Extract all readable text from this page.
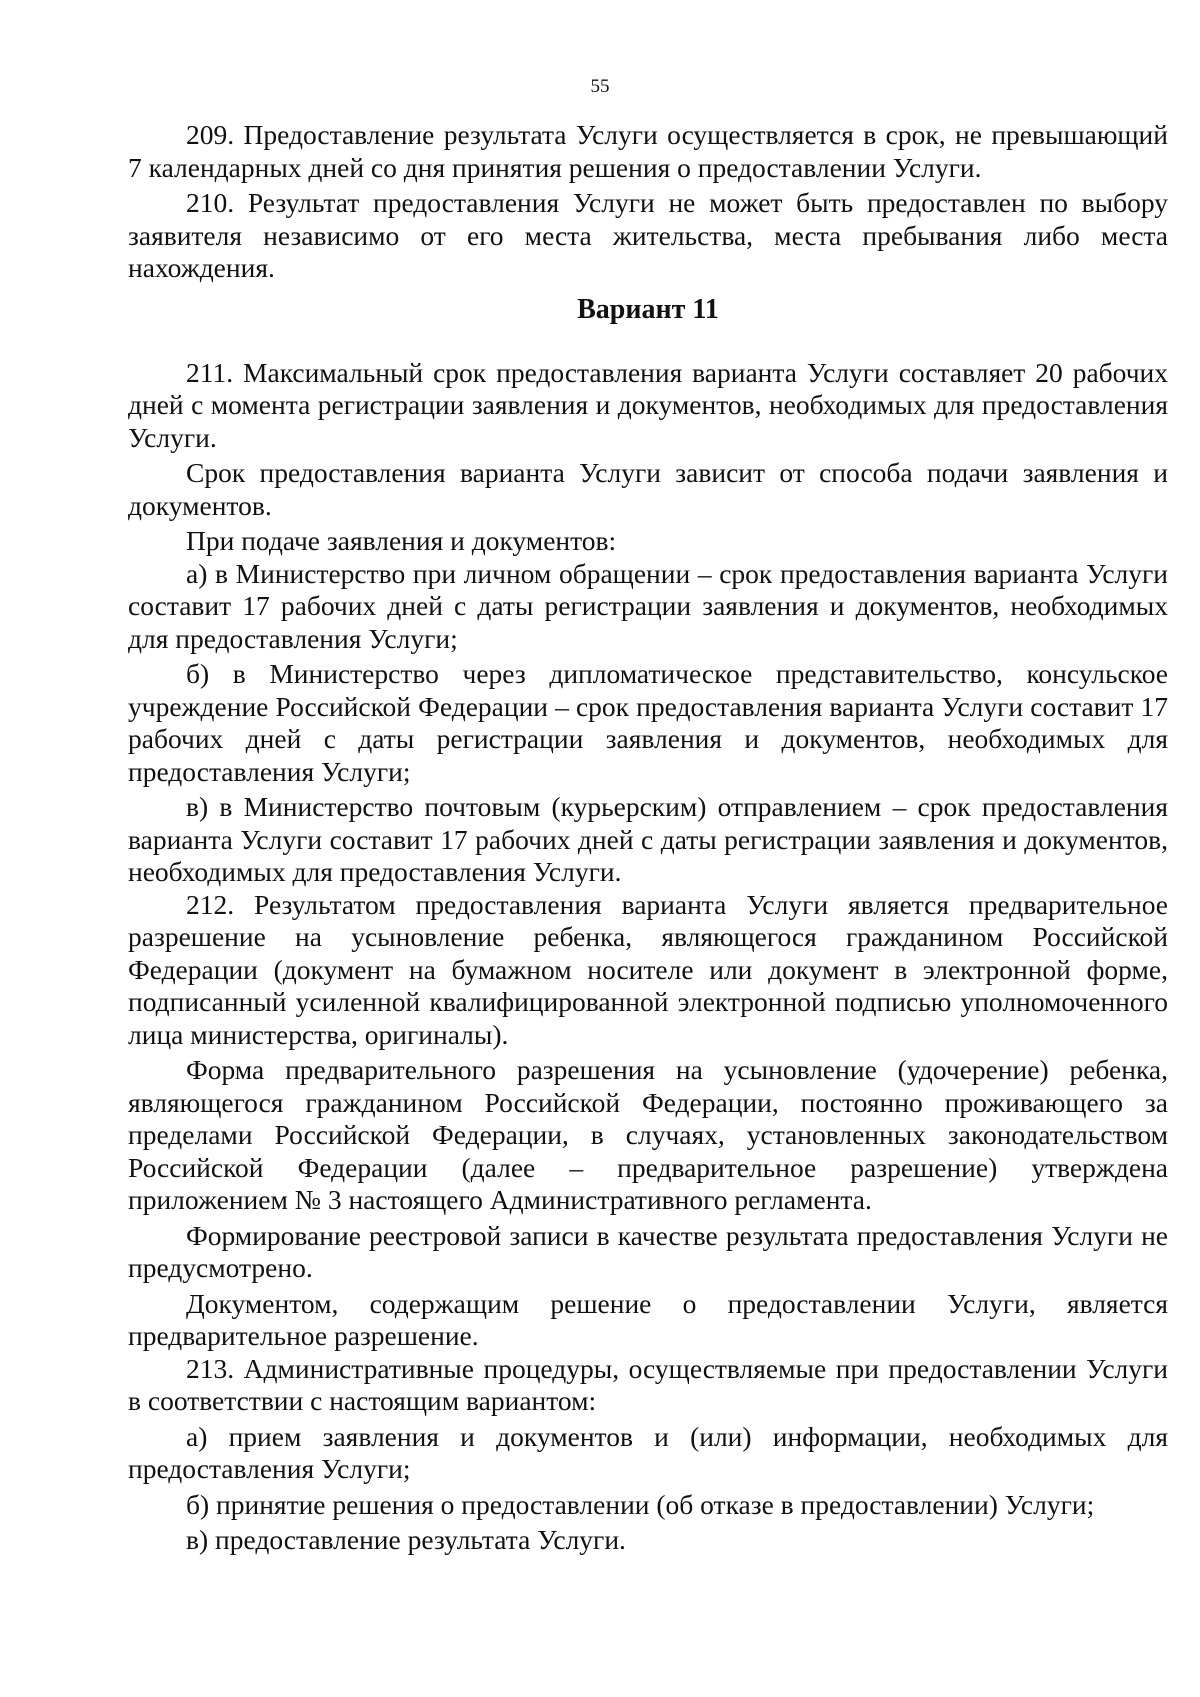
55

209. Предоставление результата Услуги осуществляется в срок, не превышающий 7 календарных дней со дня принятия решения о предоставлении Услуги.

210. Результат предоставления Услуги не может быть предоставлен по выбору заявителя независимо от его места жительства, места пребывания либо места нахождения.

Вариант 11

211. Максимальный срок предоставления варианта Услуги составляет 20 рабочих дней с момента регистрации заявления и документов, необходимых для предоставления Услуги.

Срок предоставления варианта Услуги зависит от способа подачи заявления и документов.

При подаче заявления и документов:

а) в Министерство при личном обращении – срок предоставления варианта Услуги составит 17 рабочих дней с даты регистрации заявления и документов, необходимых для предоставления Услуги;

б) в Министерство через дипломатическое представительство, консульское учреждение Российской Федерации – срок предоставления варианта Услуги составит 17 рабочих дней с даты регистрации заявления и документов, необходимых для предоставления Услуги;

в) в Министерство почтовым (курьерским) отправлением – срок предоставления варианта Услуги составит 17 рабочих дней с даты регистрации заявления и документов, необходимых для предоставления Услуги.

212. Результатом предоставления варианта Услуги является предварительное разрешение на усыновление ребенка, являющегося гражданином Российской Федерации (документ на бумажном носителе или документ в электронной форме, подписанный усиленной квалифицированной электронной подписью уполномоченного лица министерства, оригиналы).

Форма предварительного разрешения на усыновление (удочерение) ребенка, являющегося гражданином Российской Федерации, постоянно проживающего за пределами Российской Федерации, в случаях, установленных законодательством Российской Федерации (далее – предварительное разрешение) утверждена приложением № 3 настоящего Административного регламента.

Формирование реестровой записи в качестве результата предоставления Услуги не предусмотрено.

Документом, содержащим решение о предоставлении Услуги, является предварительное разрешение.

213. Административные процедуры, осуществляемые при предоставлении Услуги в соответствии с настоящим вариантом:

а) прием заявления и документов и (или) информации, необходимых для предоставления Услуги;

б) принятие решения о предоставлении (об отказе в предоставлении) Услуги;

в) предоставление результата Услуги.
